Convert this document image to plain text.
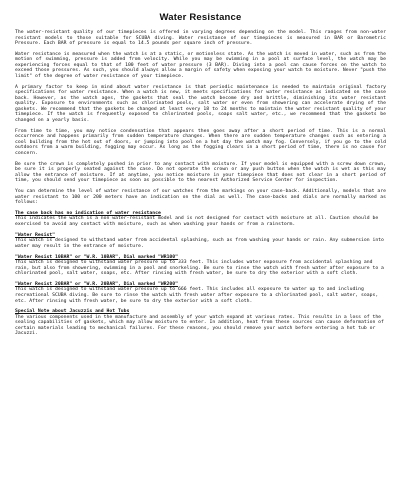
Water Resistance

The water-resistant quality of our timepieces is offered in varying degrees depending on the model. This ranges from non-water resistant models to those suitable for SCUBA diving. Water resistance of our timepieces is measured in BAR or Barometric Pressure. Each BAR of pressure is equal to 14.5 pounds per square inch of pressure.

Water resistance is measured when the watch is at a static, or motionless state. As the watch is moved in water, such as from the motion of swimming, pressure is added from velocity. While you may be swimming in a pool at surface level, the watch may be experiencing forces equal to that of 100 feet of water pressure (3 BAR). Diving into a pool can cause forces on the watch to exceed those pressures. As such, you should always allow a margin of safety when exposing your watch to moisture. Never "push the limit" of the degree of water resistance of your timepiece.

A primary factor to keep in mind about water resistance is that periodic maintenance is needed to maintain original factory specifications for water resistance. When a watch is new, it meets specifications for water resistance as indicated on the case back. However, as the watch ages, the gaskets that seal the watch become dry and brittle, diminishing its water resistant quality. Exposure to environments such as chlorinated pools, salt water or even from showering can accelerate drying of the gaskets. We recommend that the gaskets be changed at least every 18 to 24 months to maintain the water resistant quality of your timepiece. If the watch is frequently exposed to chlorinated pools, soaps salt water, etc., we recommend that the gaskets be changed on a yearly basis.

From time to time, you may notice condensation that appears then goes away after a short period of time. This is a normal occurrence and happens primarily from sudden temperature changes. When there are sudden temperature changes such as entering a cool building from the hot out of doors, or jumping into pool on a hot day the watch may fog. Conversely, if you go to the cold outdoors from a warm building, fogging may occur. As long as the fogging clears in a short period of time, there is no cause for concern.

Be sure the crown is completely pushed in prior to any contact with moisture. If your model is equipped with a screw down crown, be sure it is properly seated against the case. Do not operate the crown or any push button when the watch is wet as this may allow the entrance of moisture. If at anytime, you notice moisture in your timepiece that does not clear in a short period of time, you should send your timepiece as soon as possible to the nearest Authorized Service Center for inspection.

You can determine the level of water resistance of our watches from the markings on your case-back. Additionally, models that are water resistant to 100 or 200 meters have an indication on the dial as well. The case-backs and dials are normally marked as follows:

The case back has no indication of water resistance
This indicates the watch is a non water-resistant model and is not designed for contact with moisture at all. Caution should be exercised to avoid any contact with moisture, such as when washing your hands or from a rainstorm.
"Water Resist"
This watch is designed to withstand water from accidental splashing, such as from washing your hands or rain. Any submersion into water may result in the entrance of moisture.
"Water Resist 10BAR" or "W.R. 10BAR", Dial marked "WR100"
This watch is designed to withstand water pressure up to 333 feet. This includes water exposure from accidental splashing and rain, but also from showering, swimming in a pool and snorkeling. Be sure to rinse the watch with fresh water after exposure to a chlorinated pool, salt water, soaps, etc. After rinsing with fresh water, be sure to dry the exterior with a soft cloth.
"Water Resist 20BAR" or "W.R. 20BAR", Dial marked "WR200"
This watch is designed to withstand water pressure up to 666 feet. This includes all exposure to water up to and including recreational SCUBA diving. Be sure to rinse the watch with fresh water after exposure to a chlorinated pool, salt water, soaps, etc. After rinsing with fresh water, be sure to dry the exterior with a soft cloth.
Special Note about Jacuzzis and Hot Tubs
The various components used in the manufacture and assembly of your watch expand at various rates. This results in a loss of the sealing capabilities of gaskets, which may allow moisture to enter. In addition, heat from these sources can cause deformation of certain materials leading to mechanical failures. For these reasons, you should remove your watch before entering a hot tub or Jacuzzi.
